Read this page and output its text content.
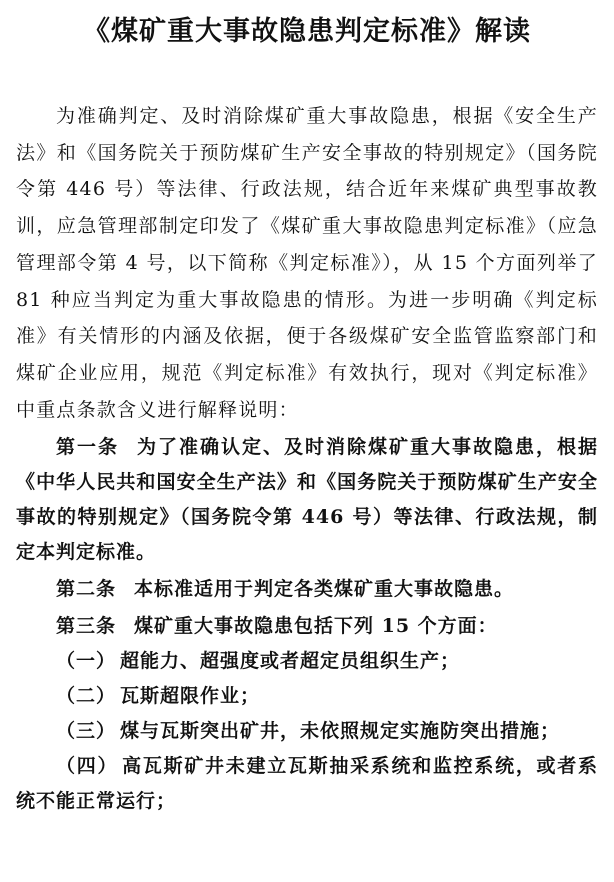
《煤矿重大事故隐患判定标准》解读

为准确判定、及时消除煤矿重大事故隐患，根据《安全生产法》和《国务院关于预防煤矿生产安全事故的特别规定》（国务院令第 446 号）等法律、行政法规，结合近年来煤矿典型事故教训，应急管理部制定印发了《煤矿重大事故隐患判定标准》（应急管理部令第 4 号，以下简称《判定标准》），从 15 个方面列举了 81 种应当判定为重大事故隐患的情形。为进一步明确《判定标准》有关情形的内涵及依据，便于各级煤矿安全监管监察部门和煤矿企业应用，规范《判定标准》有效执行，现对《判定标准》中重点条款含义进行解释说明：

第一条 为了准确认定、及时消除煤矿重大事故隐患，根据《中华人民共和国安全生产法》和《国务院关于预防煤矿生产安全事故的特别规定》（国务院令第 446 号）等法律、行政法规，制定本判定标准。

第二条 本标准适用于判定各类煤矿重大事故隐患。

第三条 煤矿重大事故隐患包括下列 15 个方面：

（一） 超能力、超强度或者超定员组织生产；

（二） 瓦斯超限作业；

（三） 煤与瓦斯突出矿井，未依照规定实施防突出措施；

（四） 高瓦斯矿井未建立瓦斯抽采系统和监控系统，或者系统不能正常运行；
